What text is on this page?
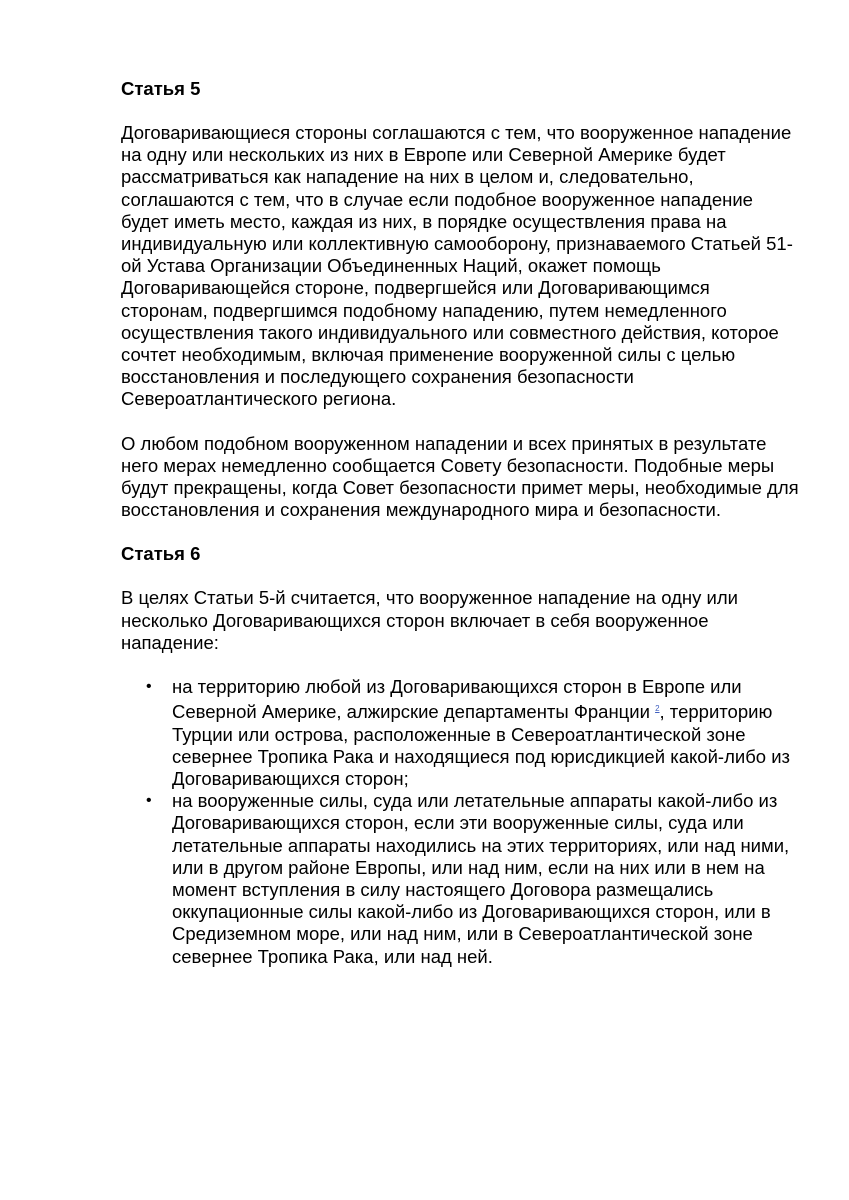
Статья 5

Договаривающиеся стороны соглашаются с тем, что вооруженное нападение на одну или нескольких из них в Европе или Северной Америке будет рассматриваться как нападение на них в целом и, следовательно, соглашаются с тем, что в случае если подобное вооруженное нападение будет иметь место, каждая из них, в порядке осуществления права на индивидуальную или коллективную самооборону, признаваемого Статьей 51-ой Устава Организации Объединенных Наций, окажет помощь Договаривающейся стороне, подвергшейся или Договаривающимся сторонам, подвергшимся подобному нападению, путем немедленного осуществления такого индивидуального или совместного действия, которое сочтет необходимым, включая применение вооруженной силы с целью восстановления и последующего сохранения безопасности Североатлантического региона.

О любом подобном вооруженном нападении и всех принятых в результате него мерах немедленно сообщается Совету безопасности. Подобные меры будут прекращены, когда Совет безопасности примет меры, необходимые для восстановления и сохранения международного мира и безопасности.

Статья 6

В целях Статьи 5-й считается, что вооруженное нападение на одну или несколько Договаривающихся сторон включает в себя вооруженное нападение:

• на территорию любой из Договаривающихся сторон в Европе или Северной Америке, алжирские департаменты Франции $^2$, территорию Турции или острова, расположенные в Североатлантической зоне севернее Тропика Рака и находящиеся под юрисдикцией какой-либо из Договаривающихся сторон;
• на вооруженные силы, суда или летательные аппараты какой-либо из Договаривающихся сторон, если эти вооруженные силы, суда или летательные аппараты находились на этих территориях, или над ними, или в другом районе Европы, или над ним, если на них или в нем на момент вступления в силу настоящего Договора размещались оккупационные силы какой-либо из Договаривающихся сторон, или в Средиземном море, или над ним, или в Североатлантической зоне севернее Тропика Рака, или над ней.
